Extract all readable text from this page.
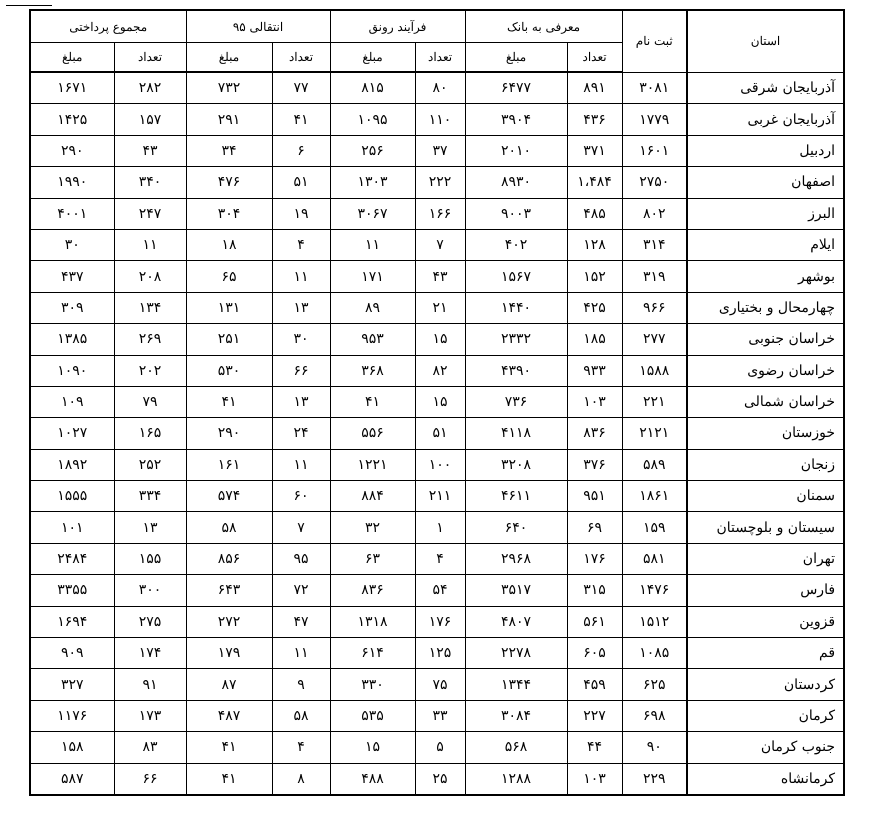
استان	ثبت نام	معرفی به بانک		فرآیند رونق		انتقالی ۹۵		مجموع پرداختی	
		تعداد	مبلغ	تعداد	مبلغ	تعداد	مبلغ	تعداد	مبلغ
آذربایجان شرقی	۳۰۸۱	۸۹۱	۶۴۷۷	۸۰	۸۱۵	۷۷	۷۳۲	۲۸۲	۱۶۷۱
آذربایجان غربی	۱۷۷۹	۴۳۶	۳۹۰۴	۱۱۰	۱۰۹۵	۴۱	۲۹۱	۱۵۷	۱۴۲۵
اردبیل	۱۶۰۱	۳۷۱	۲۰۱۰	۳۷	۲۵۶	۶	۳۴	۴۳	۲۹۰
اصفهان	۲۷۵۰	۱،۴۸۴	۸۹۳۰	۲۲۲	۱۳۰۳	۵۱	۴۷۶	۳۴۰	۱۹۹۰
البرز	۸۰۲	۴۸۵	۹۰۰۳	۱۶۶	۳۰۶۷	۱۹	۳۰۴	۲۴۷	۴۰۰۱
ایلام	۳۱۴	۱۲۸	۴۰۲	۷	۱۱	۴	۱۸	۱۱	۳۰
بوشهر	۳۱۹	۱۵۲	۱۵۶۷	۴۳	۱۷۱	۱۱	۶۵	۲۰۸	۴۳۷
چهارمحال و بختیاری	۹۶۶	۴۲۵	۱۴۴۰	۲۱	۸۹	۱۳	۱۳۱	۱۳۴	۳۰۹
خراسان جنوبی	۲۷۷	۱۸۵	۲۳۳۲	۱۵	۹۵۳	۳۰	۲۵۱	۲۶۹	۱۳۸۵
خراسان رضوی	۱۵۸۸	۹۳۳	۴۳۹۰	۸۲	۳۶۸	۶۶	۵۳۰	۲۰۲	۱۰۹۰
خراسان شمالی	۲۲۱	۱۰۳	۷۳۶	۱۵	۴۱	۱۳	۴۱	۷۹	۱۰۹
خوزستان	۲۱۲۱	۸۳۶	۴۱۱۸	۵۱	۵۵۶	۲۴	۲۹۰	۱۶۵	۱۰۲۷
زنجان	۵۸۹	۳۷۶	۳۲۰۸	۱۰۰	۱۲۲۱	۱۱	۱۶۱	۲۵۲	۱۸۹۲
سمنان	۱۸۶۱	۹۵۱	۴۶۱۱	۲۱۱	۸۸۴	۶۰	۵۷۴	۳۳۴	۱۵۵۵
سیستان و بلوچستان	۱۵۹	۶۹	۶۴۰	۱	۳۲	۷	۵۸	۱۳	۱۰۱
تهران	۵۸۱	۱۷۶	۲۹۶۸	۴	۶۳	۹۵	۸۵۶	۱۵۵	۲۴۸۴
فارس	۱۴۷۶	۳۱۵	۳۵۱۷	۵۴	۸۳۶	۷۲	۶۴۳	۳۰۰	۳۳۵۵
قزوین	۱۵۱۲	۵۶۱	۴۸۰۷	۱۷۶	۱۳۱۸	۴۷	۲۷۲	۲۷۵	۱۶۹۴
قم	۱۰۸۵	۶۰۵	۲۲۷۸	۱۲۵	۶۱۴	۱۱	۱۷۹	۱۷۴	۹۰۹
کردستان	۶۲۵	۴۵۹	۱۳۴۴	۷۵	۳۳۰	۹	۸۷	۹۱	۳۲۷
کرمان	۶۹۸	۲۲۷	۳۰۸۴	۳۳	۵۳۵	۵۸	۴۸۷	۱۷۳	۱۱۷۶
جنوب کرمان	۹۰	۴۴	۵۶۸	۵	۱۵	۴	۴۱	۸۳	۱۵۸
کرمانشاه	۲۲۹	۱۰۳	۱۲۸۸	۲۵	۴۸۸	۸	۴۱	۶۶	۵۸۷
